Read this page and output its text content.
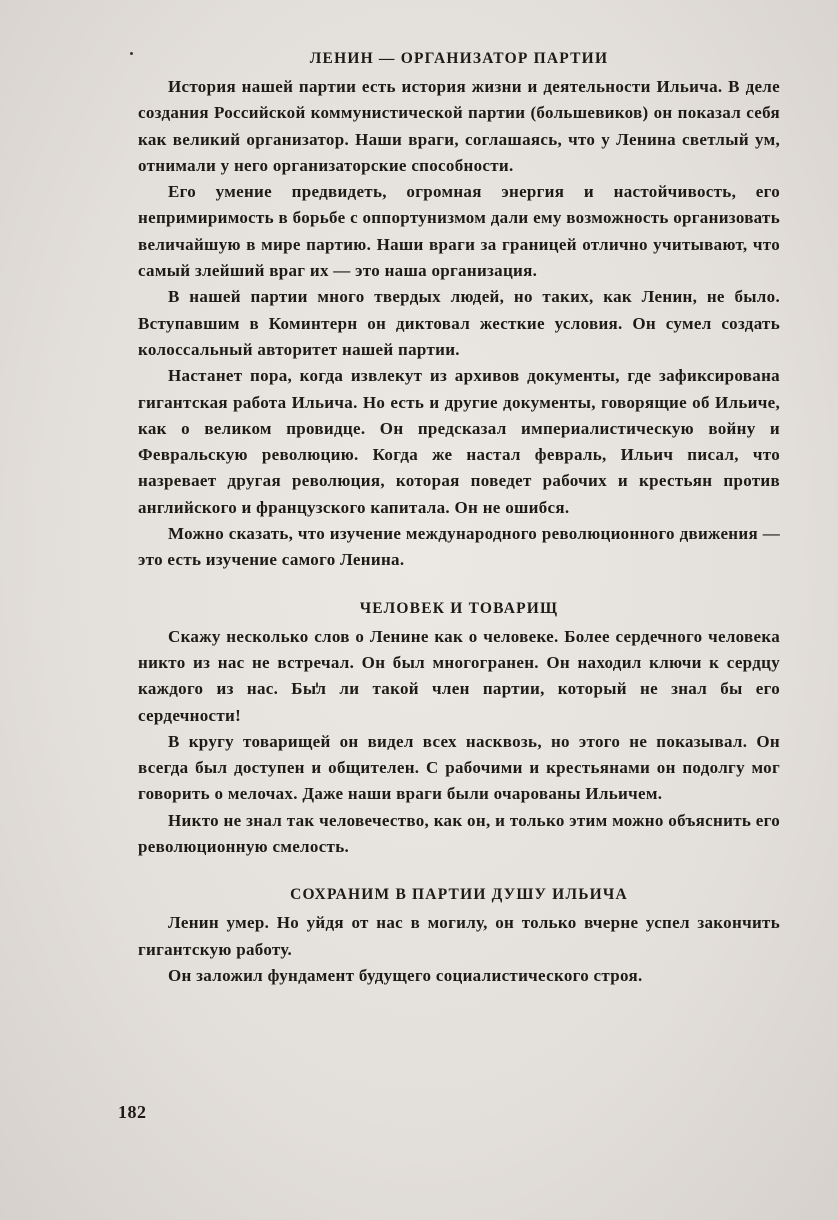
ЛЕНИН — ОРГАНИЗАТОР ПАРТИИ

История нашей партии есть история жизни и деятельности Ильича. В деле создания Российской коммунистической партии (большевиков) он показал себя как великий организатор. Наши враги, соглашаясь, что у Ленина светлый ум, отнимали у него организаторские способности.

Его умение предвидеть, огромная энергия и настойчивость, его непримиримость в борьбе с оппортунизмом дали ему возможность организовать величайшую в мире партию. Наши враги за границей отлично учитывают, что самый злейший враг их — это наша организация.

В нашей партии много твердых людей, но таких, как Ленин, не было. Вступавшим в Коминтерн он диктовал жесткие условия. Он сумел создать колоссальный авторитет нашей партии.

Настанет пора, когда извлекут из архивов документы, где зафиксирована гигантская работа Ильича. Но есть и другие документы, говорящие об Ильиче, как о великом провидце. Он предсказал империалистическую войну и Февральскую революцию. Когда же настал февраль, Ильич писал, что назревает другая революция, которая поведет рабочих и крестьян против английского и французского капитала. Он не ошибся.

Можно сказать, что изучение международного революционного движения — это есть изучение самого Ленина.

ЧЕЛОВЕК И ТОВАРИЩ

Скажу несколько слов о Ленине как о человеке. Более сердечного человека никто из нас не встречал. Он был многогранен. Он находил ключи к сердцу каждого из нас. Был ли такой член партии, который не знал бы его сердечности!

В кругу товарищей он видел всех насквозь, но этого не показывал. Он всегда был доступен и общителен. С рабочими и крестьянами он подолгу мог говорить о мелочах. Даже наши враги были очарованы Ильичем.

Никто не знал так человечество, как он, и только этим можно объяснить его революционную смелость.

СОХРАНИМ В ПАРТИИ ДУШУ ИЛЬИЧА

Ленин умер. Но уйдя от нас в могилу, он только вчерне успел закончить гигантскую работу.

Он заложил фундамент будущего социалистического строя.

182
